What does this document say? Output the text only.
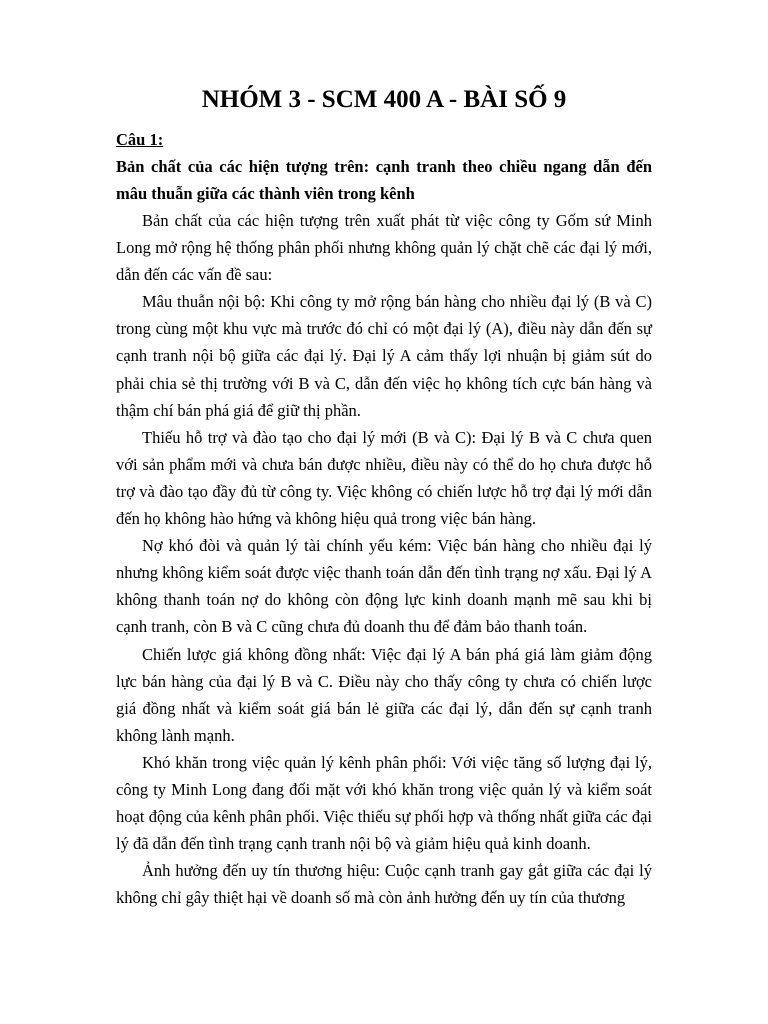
NHÓM 3 - SCM 400 A - BÀI SỐ 9

Câu 1:

Bản chất của các hiện tượng trên: cạnh tranh theo chiều ngang dẫn đến mâu thuẫn giữa các thành viên trong kênh

Bản chất của các hiện tượng trên xuất phát từ việc công ty Gốm sứ Minh Long mở rộng hệ thống phân phối nhưng không quản lý chặt chẽ các đại lý mới, dẫn đến các vấn đề sau:

Mâu thuẫn nội bộ: Khi công ty mở rộng bán hàng cho nhiều đại lý (B và C) trong cùng một khu vực mà trước đó chỉ có một đại lý (A), điều này dẫn đến sự cạnh tranh nội bộ giữa các đại lý. Đại lý A cảm thấy lợi nhuận bị giảm sút do phải chia sẻ thị trường với B và C, dẫn đến việc họ không tích cực bán hàng và thậm chí bán phá giá để giữ thị phần.

Thiếu hỗ trợ và đào tạo cho đại lý mới (B và C): Đại lý B và C chưa quen với sản phẩm mới và chưa bán được nhiều, điều này có thể do họ chưa được hỗ trợ và đào tạo đầy đủ từ công ty. Việc không có chiến lược hỗ trợ đại lý mới dẫn đến họ không hào hứng và không hiệu quả trong việc bán hàng.

Nợ khó đòi và quản lý tài chính yếu kém: Việc bán hàng cho nhiều đại lý nhưng không kiểm soát được việc thanh toán dẫn đến tình trạng nợ xấu. Đại lý A không thanh toán nợ do không còn động lực kinh doanh mạnh mẽ sau khi bị cạnh tranh, còn B và C cũng chưa đủ doanh thu để đảm bảo thanh toán.

Chiến lược giá không đồng nhất: Việc đại lý A bán phá giá làm giảm động lực bán hàng của đại lý B và C. Điều này cho thấy công ty chưa có chiến lược giá đồng nhất và kiểm soát giá bán lẻ giữa các đại lý, dẫn đến sự cạnh tranh không lành mạnh.

Khó khăn trong việc quản lý kênh phân phối: Với việc tăng số lượng đại lý, công ty Minh Long đang đối mặt với khó khăn trong việc quản lý và kiểm soát hoạt động của kênh phân phối. Việc thiếu sự phối hợp và thống nhất giữa các đại lý đã dẫn đến tình trạng cạnh tranh nội bộ và giảm hiệu quả kinh doanh.

Ảnh hưởng đến uy tín thương hiệu: Cuộc cạnh tranh gay gắt giữa các đại lý không chỉ gây thiệt hại về doanh số mà còn ảnh hưởng đến uy tín của thương
